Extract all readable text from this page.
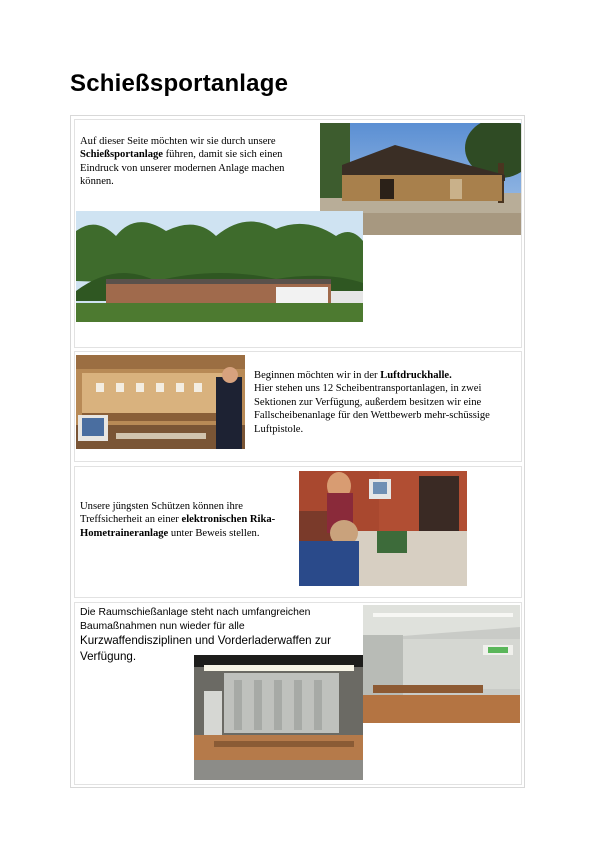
Schießsportanlage
Auf dieser Seite möchten wir sie durch unsere Schießsportanlage führen, damit sie sich einen Eindruck von unserer modernen Anlage machen können.
Beginnen möchten wir in der Luftdruckhalle.
Hier stehen uns 12 Scheibentransportanlagen, in zwei Sektionen zur Verfügung, außerdem besitzen wir eine Fallscheibenanlage für den Wettbewerb mehr-schüssige Luftpistole.
Unsere jüngsten Schützen können ihre Treffsicherheit an einer elektronischen Rika-Hometraineranlage unter Beweis stellen.
Die Raumschießanlage steht nach umfangreichen Baumaßnahmen nun wieder für alle
Kurzwaffendisziplinen und Vorderladerwaffen zur Verfügung.
